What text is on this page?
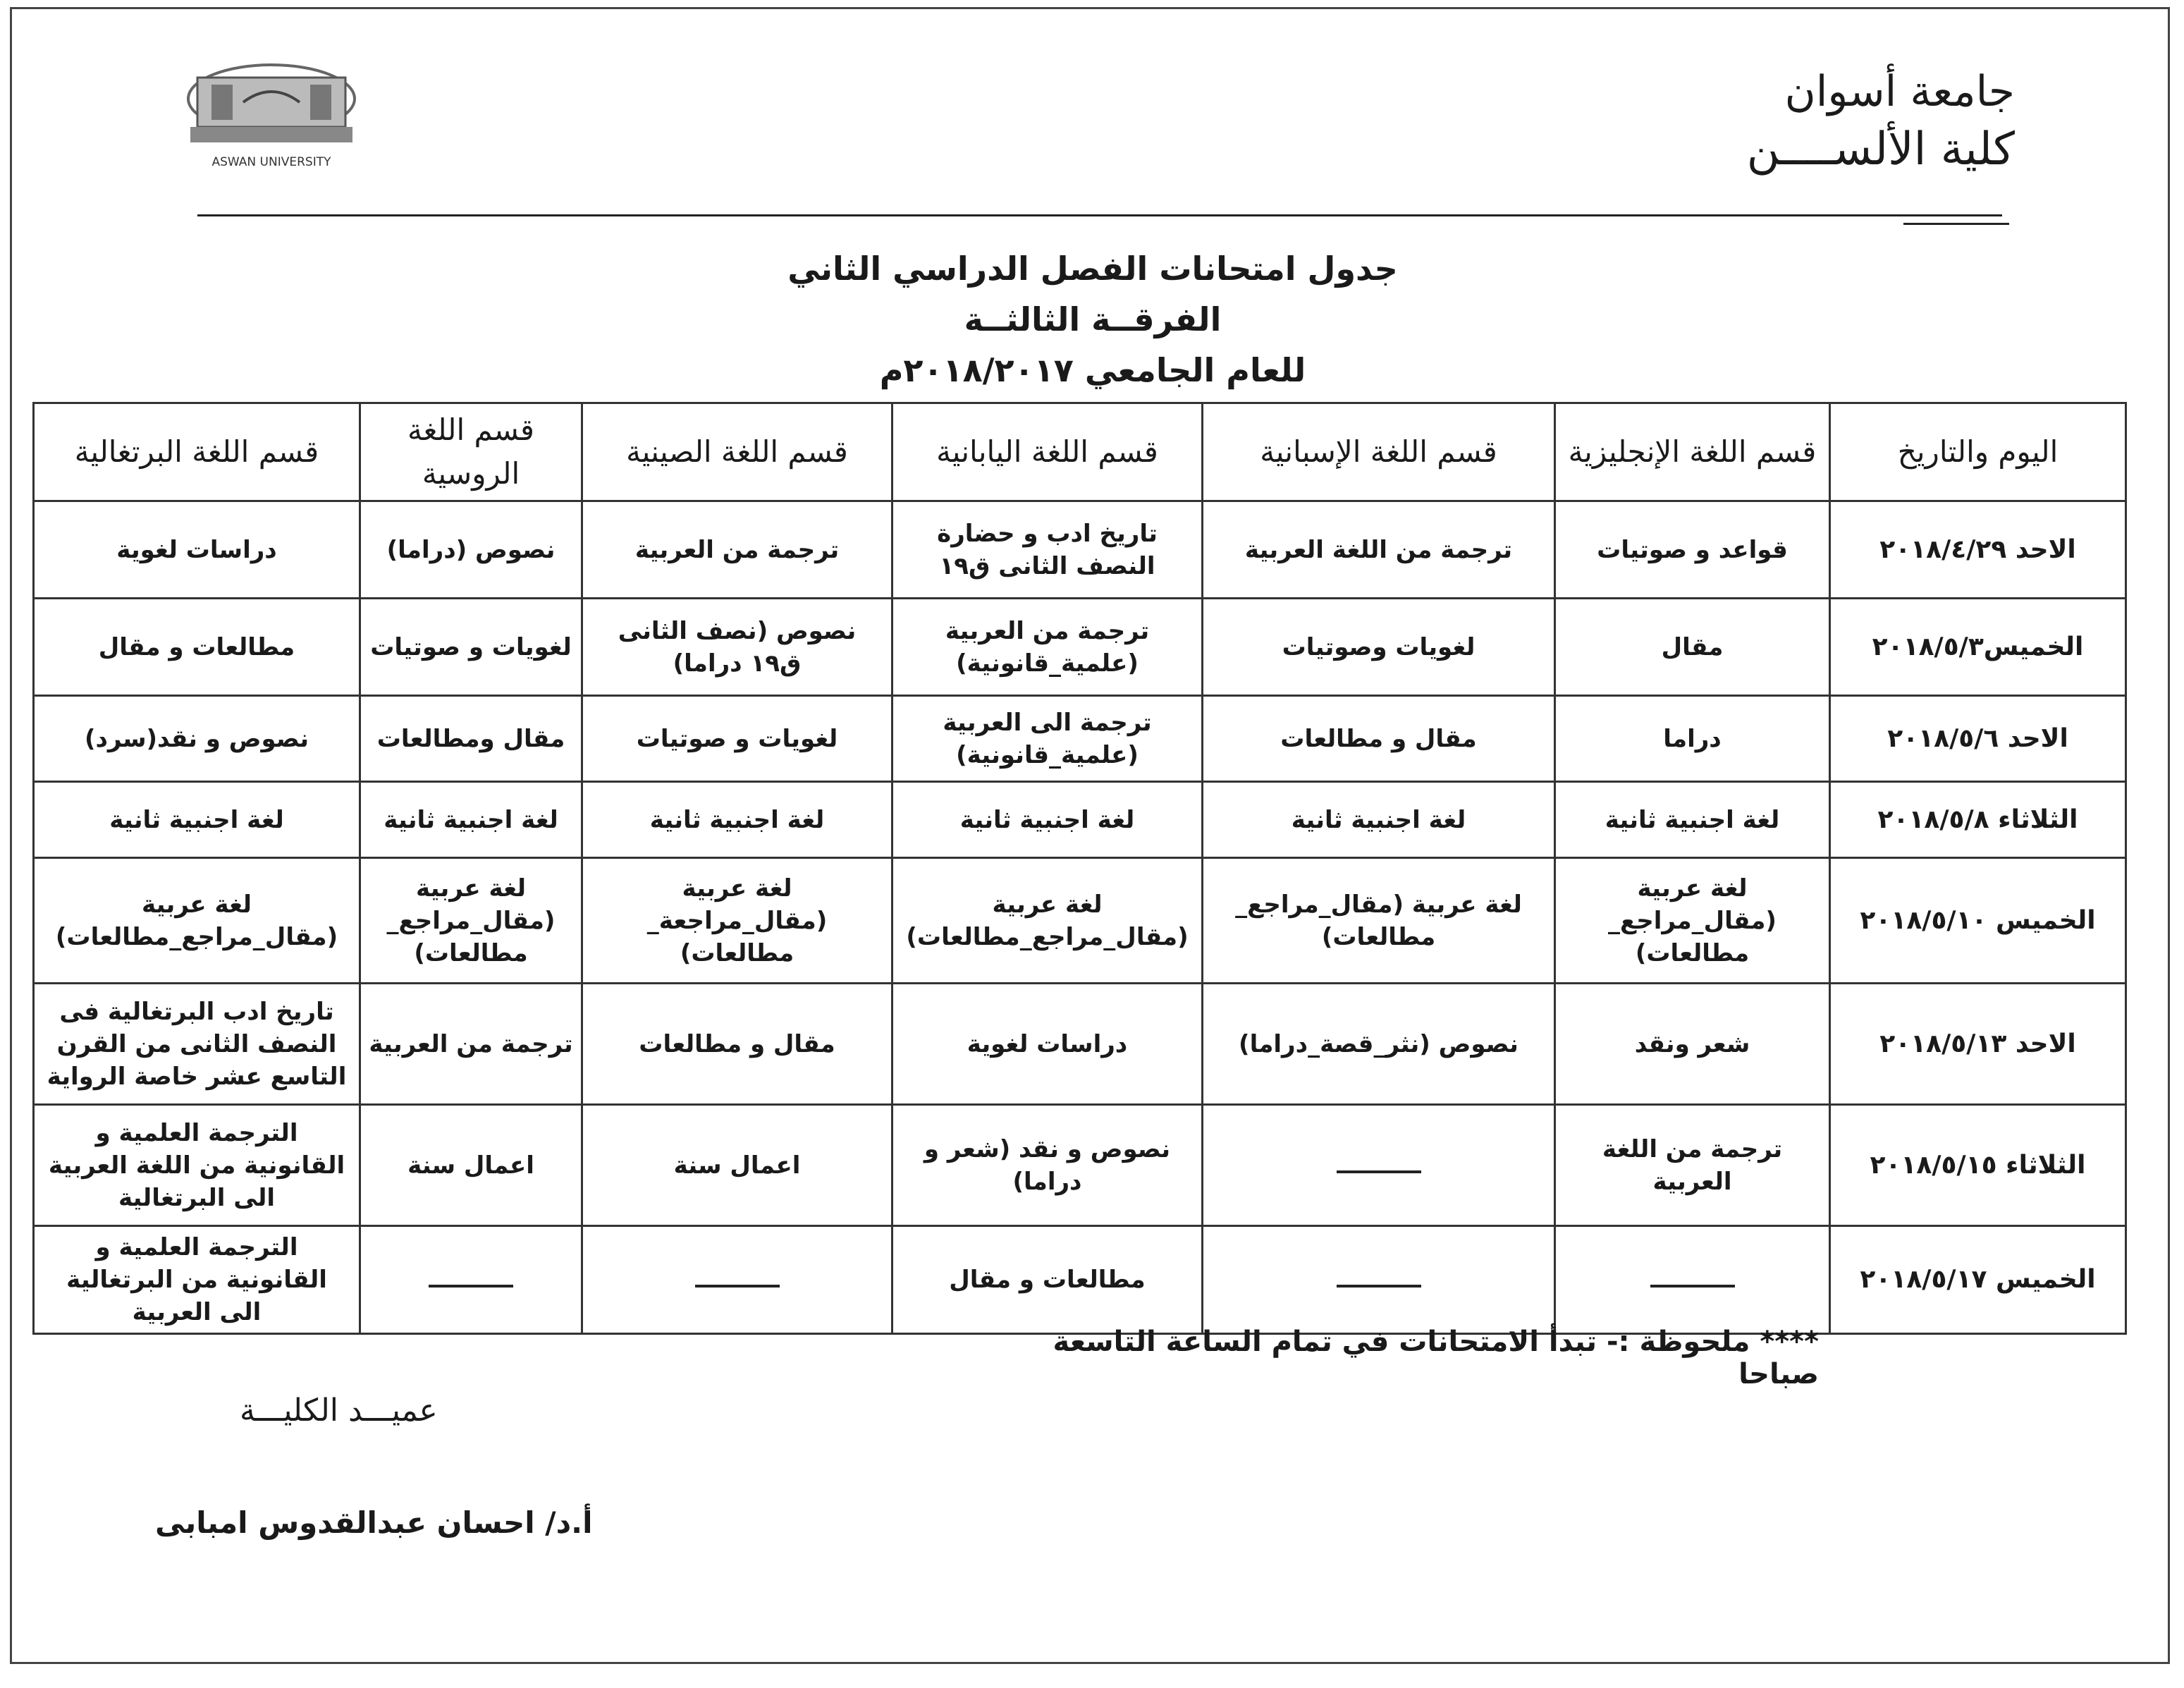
ASWAN UNIVERSITY
جامعة أسوان
كلية الألســــن
جدول امتحانات الفصل الدراسي الثاني
الفرقــة الثالثــة
للعام الجامعي ٢٠١٨/٢٠١٧م
اليوم والتاريخ	قسم اللغة الإنجليزية	قسم اللغة الإسبانية	قسم اللغة اليابانية	قسم اللغة الصينية	قسم اللغة الروسية	قسم اللغة البرتغالية
الاحد ٢٠١٨/٤/٢٩	قواعد و صوتيات	ترجمة من اللغة العربية	تاريخ ادب و حضارة النصف الثانى ق١٩	ترجمة من العربية	نصوص (دراما)	دراسات لغوية
الخميس٢٠١٨/٥/٣	مقال	لغويات وصوتيات	ترجمة من العربية (علمية_قانونية)	نصوص (نصف الثانى ق١٩ دراما)	لغويات و صوتيات	مطالعات و مقال
الاحد ٢٠١٨/٥/٦	دراما	مقال و مطالعات	ترجمة الى العربية (علمية_قانونية)	لغويات و صوتيات	مقال ومطالعات	نصوص و نقد(سرد)
الثلاثاء ٢٠١٨/٥/٨	لغة اجنبية ثانية	لغة اجنبية ثانية	لغة اجنبية ثانية	لغة اجنبية ثانية	لغة اجنبية ثانية	لغة اجنبية ثانية
الخميس ٢٠١٨/٥/١٠	لغة عربية (مقال_مراجع_ مطالعات)	لغة عربية (مقال_مراجع_ مطالعات)	لغة عربية (مقال_مراجع_مطالعات)	لغة عربية (مقال_مراجعة_ مطالعات)	لغة عربية (مقال_مراجع_ مطالعات)	لغة عربية (مقال_مراجع_مطالعات)
الاحد ٢٠١٨/٥/١٣	شعر ونقد	نصوص (نثر_قصة_دراما)	دراسات لغوية	مقال و مطالعات	ترجمة من العربية	تاريخ ادب البرتغالية فى النصف الثانى من القرن التاسع عشر خاصة الرواية
الثلاثاء ٢٠١٨/٥/١٥	ترجمة من اللغة العربية		نصوص و نقد (شعر و دراما)	اعمال سنة	اعمال سنة	الترجمة العلمية و القانونية من اللغة العربية الى البرتغالية
الخميس ٢٠١٨/٥/١٧			مطالعات و مقال			الترجمة العلمية و القانونية من البرتغالية الى العربية
**** ملحوظة :- تبدأ الامتحانات في تمام الساعة التاسعة صباحا
عميـــد الكليـــة
أ.د/ احسان عبدالقدوس امبابى
